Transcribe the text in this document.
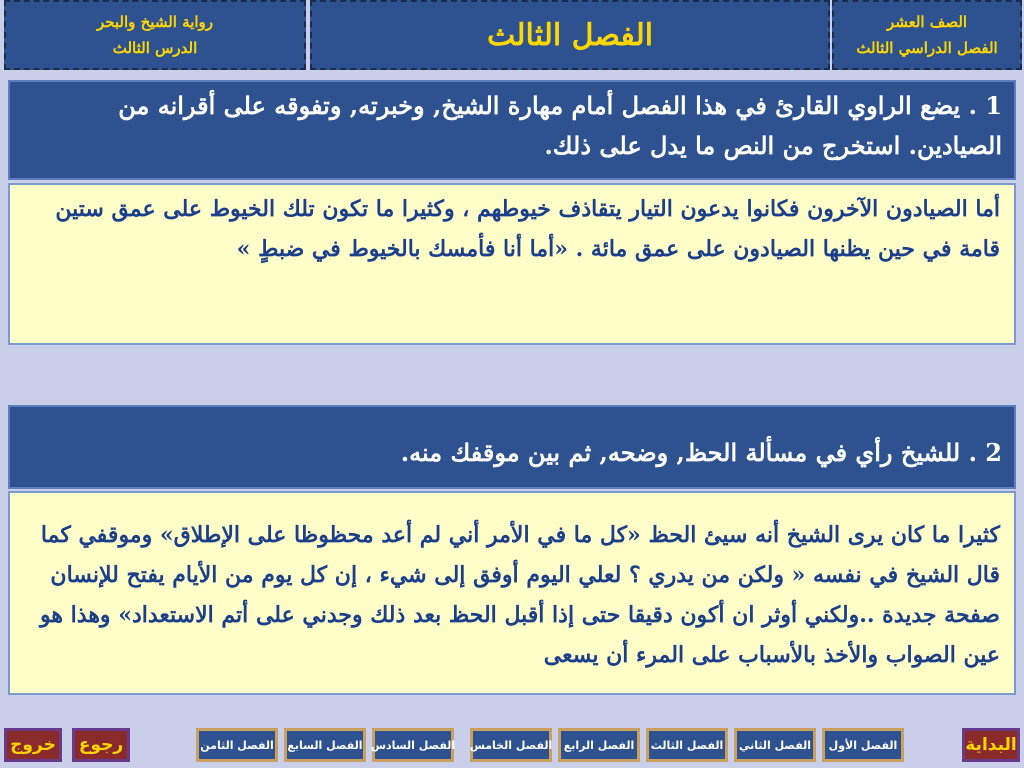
الصف العشر
الفصل الدراسي الثالث
الفصل الثالث
رواية الشيخ والبحر
الدرس الثالث
1 . يضع الراوي القارئ في هذا الفصل أمام مهارة الشيخ, وخبرته, وتفوقه على أقرانه من الصيادين. استخرج من النص ما يدل على ذلك.
أما الصيادون الآخرون فكانوا يدعون التيار يتقاذف خيوطهم ، وكثيرا ما تكون تلك الخيوط على عمق ستين قامة في حين يظنها الصيادون على عمق مائة . «أما أنا فأمسك بالخيوط في ضبطٍ »
2 . للشيخ رأي في مسألة الحظ, وضحه, ثم بين موقفك منه.
كثيرا ما كان يرى الشيخ أنه سيئ الحظ «كل ما في الأمر أني لم أعد محظوظا على الإطلاق» وموقفي كما قال الشيخ في نفسه « ولكن من يدري ؟ لعلي اليوم أوفق إلى شيء ، إن كل يوم من الأيام يفتح للإنسان صفحة جديدة ..ولكني أوثر ان أكون دقيقا حتى إذا أقبل الحظ بعد ذلك وجدني على أتم الاستعداد» وهذا هو عين الصواب والأخذ بالأسباب على المرء أن يسعى
البداية
الفصل الأول
الفصل الثاني
الفصل الثالث
الفصل الرابع
الفصل الخامس
الفصل السادس
الفصل السابع
الفصل الثامن
رجوع
خروج
